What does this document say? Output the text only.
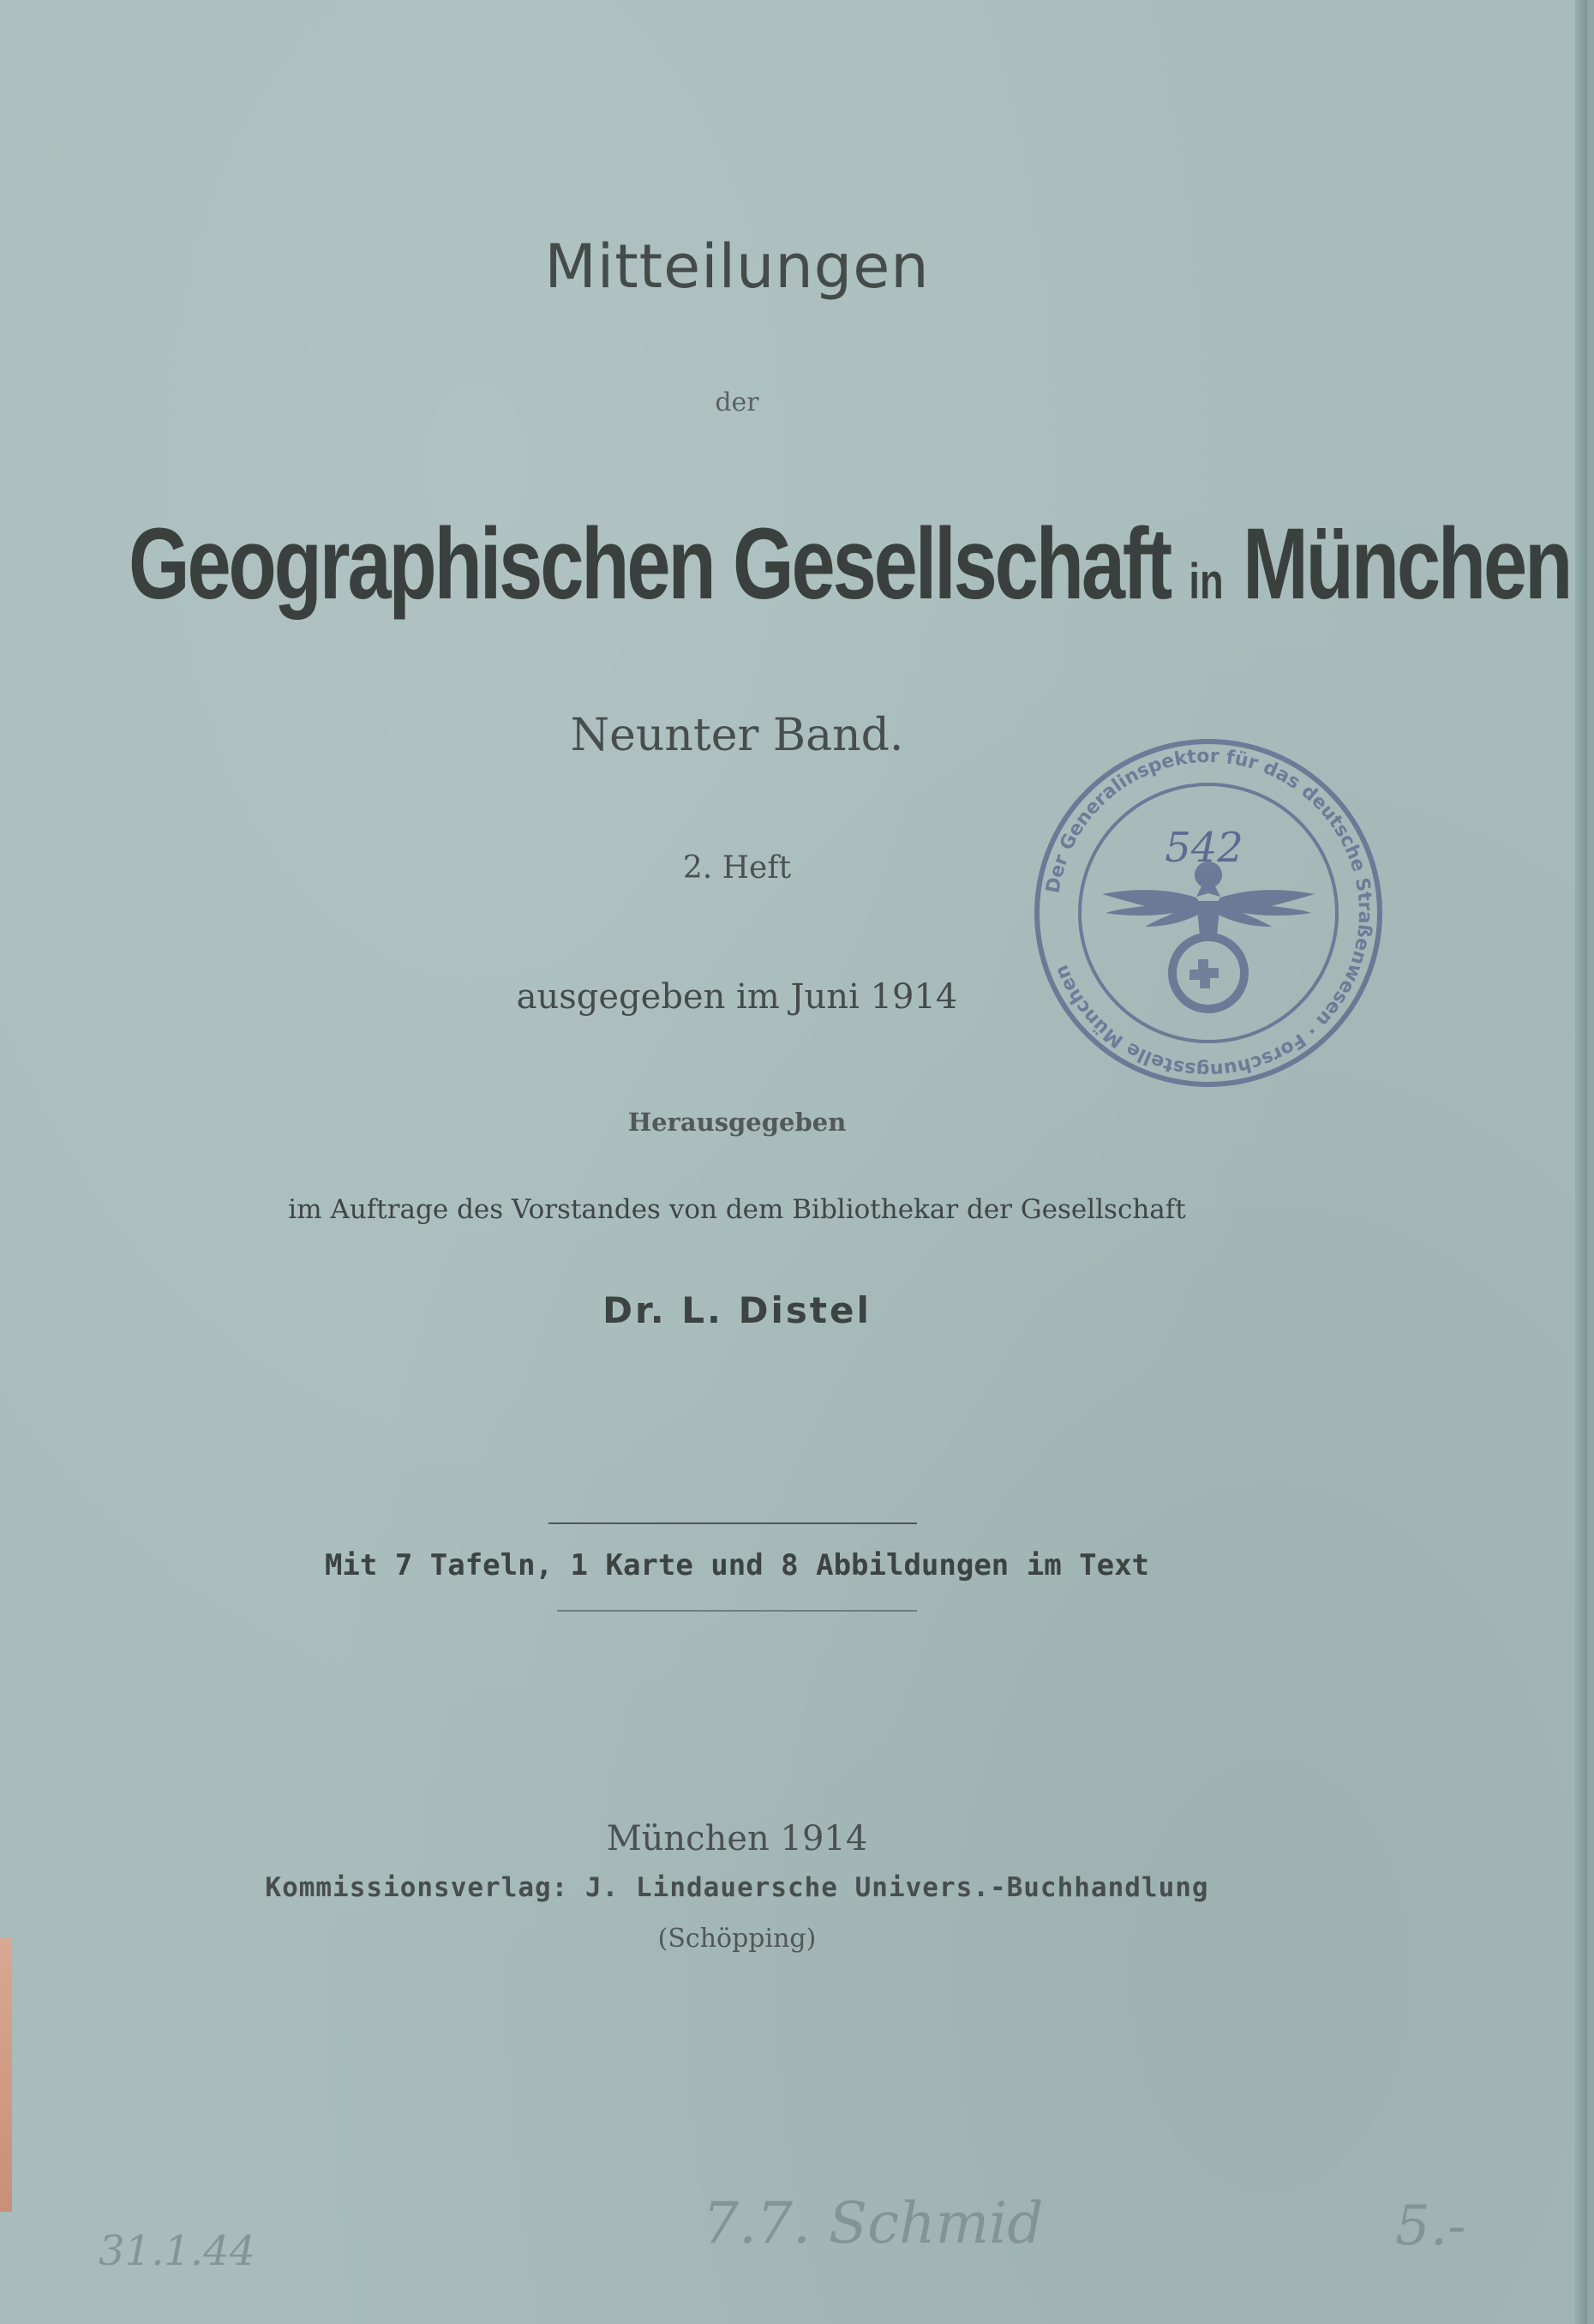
Mitteilungen
der
Geographischen Gesellschaft in München
Neunter Band.
2. Heft
ausgegeben im Juni 1914
Herausgegeben
im Auftrage des Vorstandes von dem Bibliothekar der Gesellschaft
Dr. L. Distel
Mit 7 Tafeln, 1 Karte und 8 Abbildungen im Text
München 1914
Kommissionsverlag: J. Lindauersche Univers.-Buchhandlung
(Schöpping)
Der Generalinspektor für das deutsche Straßenwesen · Forschungsstelle München
542
31.1.44	7.7. Schmid	5.-
